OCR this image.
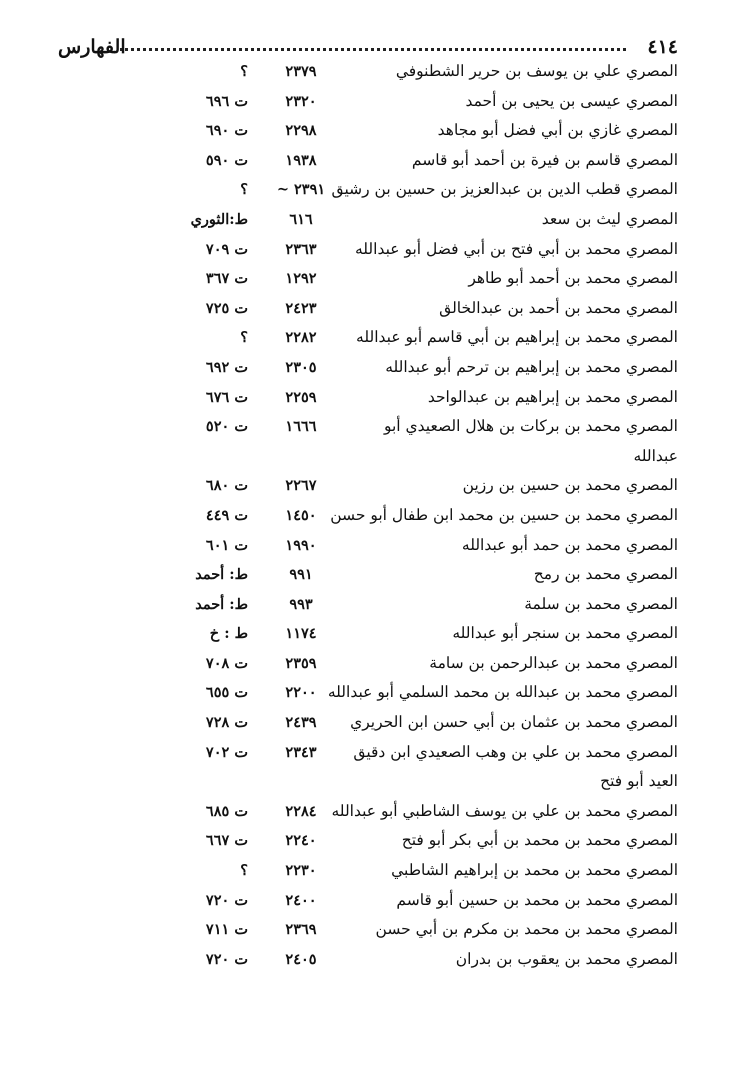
٤١٤
الفهارس
المصري علي بن يوسف بن حرير الشطنوفي
٢٣٧٩
؟
المصري عيسى بن يحيى بن أحمد
٢٣٢٠
ت ٦٩٦
المصري غازي بن أبي فضل أبو مجاهد
٢٢٩٨
ت ٦٩٠
المصري قاسم بن فيرة بن أحمد أبو قاسم
١٩٣٨
ت ٥٩٠
المصري قطب الدين بن عبدالعزيز بن حسين بن رشيق
٢٣٩١ ~
؟
المصري ليث بن سعد
٦١٦
ط:الثوري
المصري محمد بن أبي فتح بن أبي فضل أبو عبدالله
٢٣٦٣
ت ٧٠٩
المصري محمد بن أحمد أبو طاهر
١٢٩٢
ت ٣٦٧
المصري محمد بن أحمد بن عبدالخالق
٢٤٢٣
ت ٧٢٥
المصري محمد بن إبراهيم بن أبي قاسم أبو عبدالله
٢٢٨٢
؟
المصري محمد بن إبراهيم بن ترحم أبو عبدالله
٢٣٠٥
ت ٦٩٢
المصري محمد بن إبراهيم بن عبدالواحد
٢٢٥٩
ت ٦٧٦
المصري محمد بن بركات بن هلال الصعيدي أبو
١٦٦٦
ت ٥٢٠
عبدالله
المصري محمد بن حسين بن رزين
٢٢٦٧
ت ٦٨٠
المصري محمد بن حسين بن محمد ابن طفال أبو حسن
١٤٥٠
ت ٤٤٩
المصري محمد بن حمد أبو عبدالله
١٩٩٠
ت ٦٠١
المصري محمد بن رمح
٩٩١
ط: أحمد
المصري محمد بن سلمة
٩٩٣
ط: أحمد
المصري محمد بن سنجر أبو عبدالله
١١٧٤
ط : خ
المصري محمد بن عبدالرحمن بن سامة
٢٣٥٩
ت ٧٠٨
المصري محمد بن عبدالله بن محمد السلمي أبو عبدالله
٢٢٠٠
ت ٦٥٥
المصري محمد بن عثمان بن أبي حسن ابن الحريري
٢٤٣٩
ت ٧٢٨
المصري محمد بن علي بن وهب الصعيدي ابن دقيق
٢٣٤٣
ت ٧٠٢
العيد أبو فتح
المصري محمد بن علي بن يوسف الشاطبي أبو عبدالله
٢٢٨٤
ت ٦٨٥
المصري محمد بن محمد بن أبي بكر أبو فتح
٢٢٤٠
ت ٦٦٧
المصري محمد بن محمد بن إبراهيم الشاطبي
٢٢٣٠
؟
المصري محمد بن محمد بن حسين أبو قاسم
٢٤٠٠
ت ٧٢٠
المصري محمد بن محمد بن مكرم بن أبي حسن
٢٣٦٩
ت ٧١١
المصري محمد بن يعقوب بن بدران
٢٤٠٥
ت ٧٢٠
